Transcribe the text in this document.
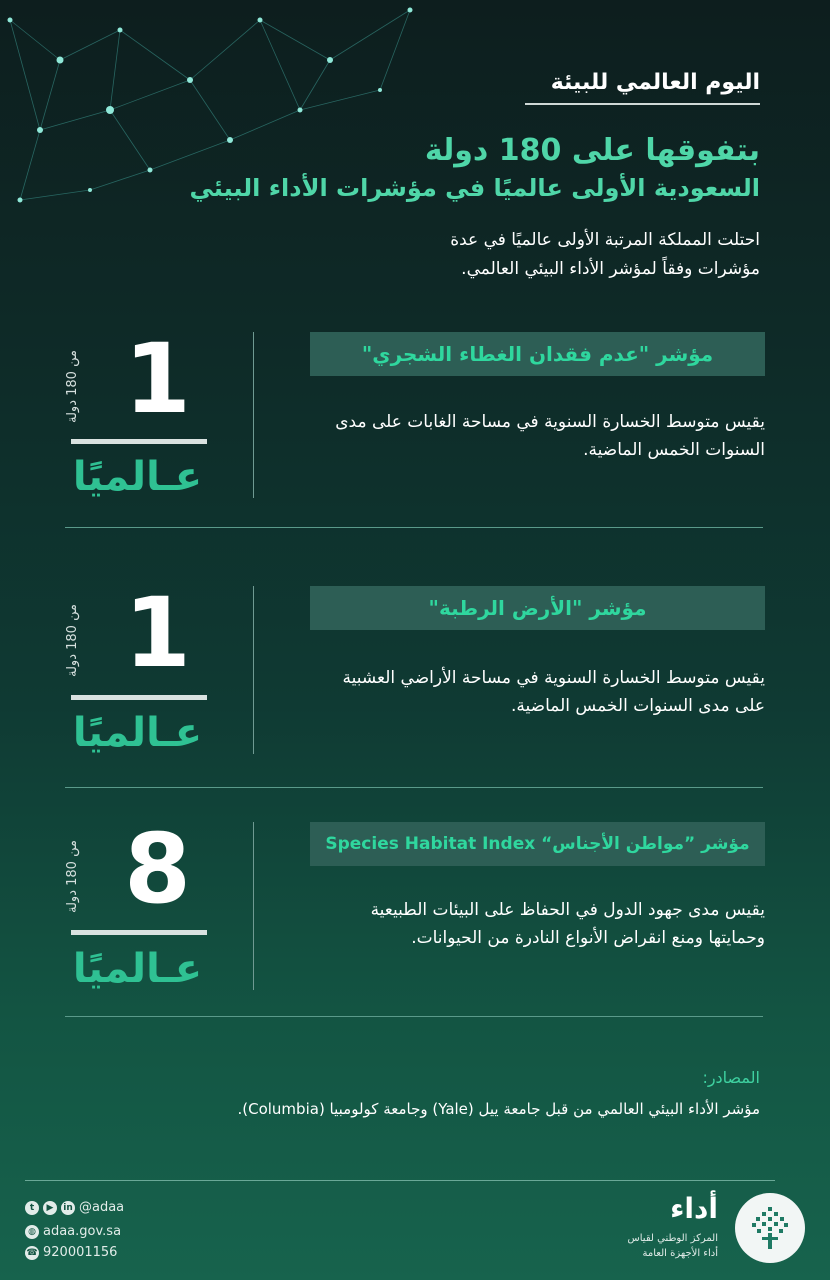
اليوم العالمي للبيئة
بتفوقها على 180 دولة
السعودية الأولى عالميًا في مؤشرات الأداء البيئي
احتلت المملكة المرتبة الأولى عالميًا في عدة مؤشرات وفقاً لمؤشر الأداء البيئي العالمي.
من 180 دولة 1
عـالميًا
مؤشر "عدم فقدان الغطاء الشجري"
يقيس متوسط الخسارة السنوية في مساحة الغابات على مدى السنوات الخمس الماضية.
من 180 دولة 1
عـالميًا
مؤشر "الأرض الرطبة"
يقيس متوسط الخسارة السنوية في مساحة الأراضي العشبية على مدى السنوات الخمس الماضية.
من 180 دولة 8
عـالميًا
مؤشر ”مواطن الأجناس“ Species Habitat Index
يقيس مدى جهود الدول في الحفاظ على البيئات الطبيعية وحمايتها ومنع انقراض الأنواع النادرة من الحيوانات.
المصادر:
مؤشر الأداء البيئي العالمي من قبل جامعة ييل (Yale) وجامعة كولومبيا (Columbia).
t	▶	in @adaa
◍ adaa.gov.sa
☎ 920001156
أداء
المركز الوطني لقياس
أداء الأجهزة العامة
